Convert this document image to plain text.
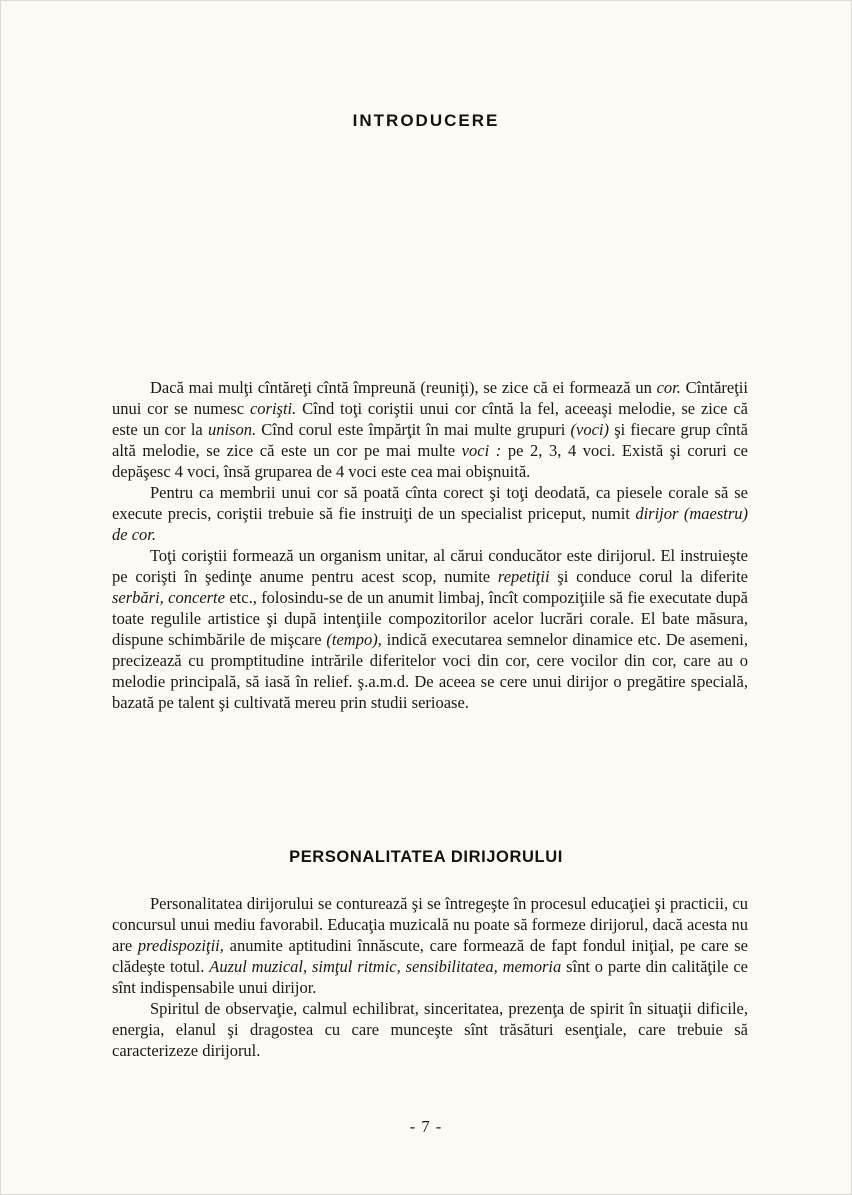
INTRODUCERE

Dacă mai mulţi cîntăreţi cîntă împreună (reuniţi), se zice că ei formează un cor. Cîntăreţii unui cor se numesc corişti. Cînd toţi coriştii unui cor cîntă la fel, aceeaşi melodie, se zice că este un cor la unison. Cînd corul este împărţit în mai multe grupuri (voci) şi fiecare grup cîntă altă melodie, se zice că este un cor pe mai multe voci : pe 2, 3, 4 voci. Există şi coruri ce depăşesc 4 voci, însă gruparea de 4 voci este cea mai obişnuită.

Pentru ca membrii unui cor să poată cînta corect şi toţi deodată, ca piesele corale să se execute precis, coriştii trebuie să fie instruiţi de un specialist priceput, numit dirijor (maestru) de cor.

Toţi coriştii formează un organism unitar, al cărui conducător este dirijorul. El instruieşte pe corişti în şedinţe anume pentru acest scop, numite repetiţii şi conduce corul la diferite serbări, concerte etc., folosindu-se de un anumit limbaj, încît compoziţiile să fie executate după toate regulile artistice şi după intenţiile compozitorilor acelor lucrări corale. El bate măsura, dispune schimbările de mişcare (tempo), indică executarea semnelor dinamice etc. De asemeni, precizează cu promptitudine intrările diferitelor voci din cor, cere vocilor din cor, care au o melodie principală, să iasă în relief. ş.a.m.d. De aceea se cere unui dirijor o pregătire specială, bazată pe talent şi cultivată mereu prin studii serioase.

PERSONALITATEA DIRIJORULUI

Personalitatea dirijorului se conturează şi se întregeşte în procesul educaţiei şi practicii, cu concursul unui mediu favorabil. Educaţia muzicală nu poate să formeze dirijorul, dacă acesta nu are predispoziţii, anumite aptitudini înnăscute, care formează de fapt fondul iniţial, pe care se clădeşte totul. Auzul muzical, simţul ritmic, sensibilitatea, memoria sînt o parte din calităţile ce sînt indispensabile unui dirijor.

Spiritul de observaţie, calmul echilibrat, sinceritatea, prezenţa de spirit în situaţii dificile, energia, elanul şi dragostea cu care munceşte sînt trăsături esenţiale, care trebuie să caracterizeze dirijorul.

- 7 -
